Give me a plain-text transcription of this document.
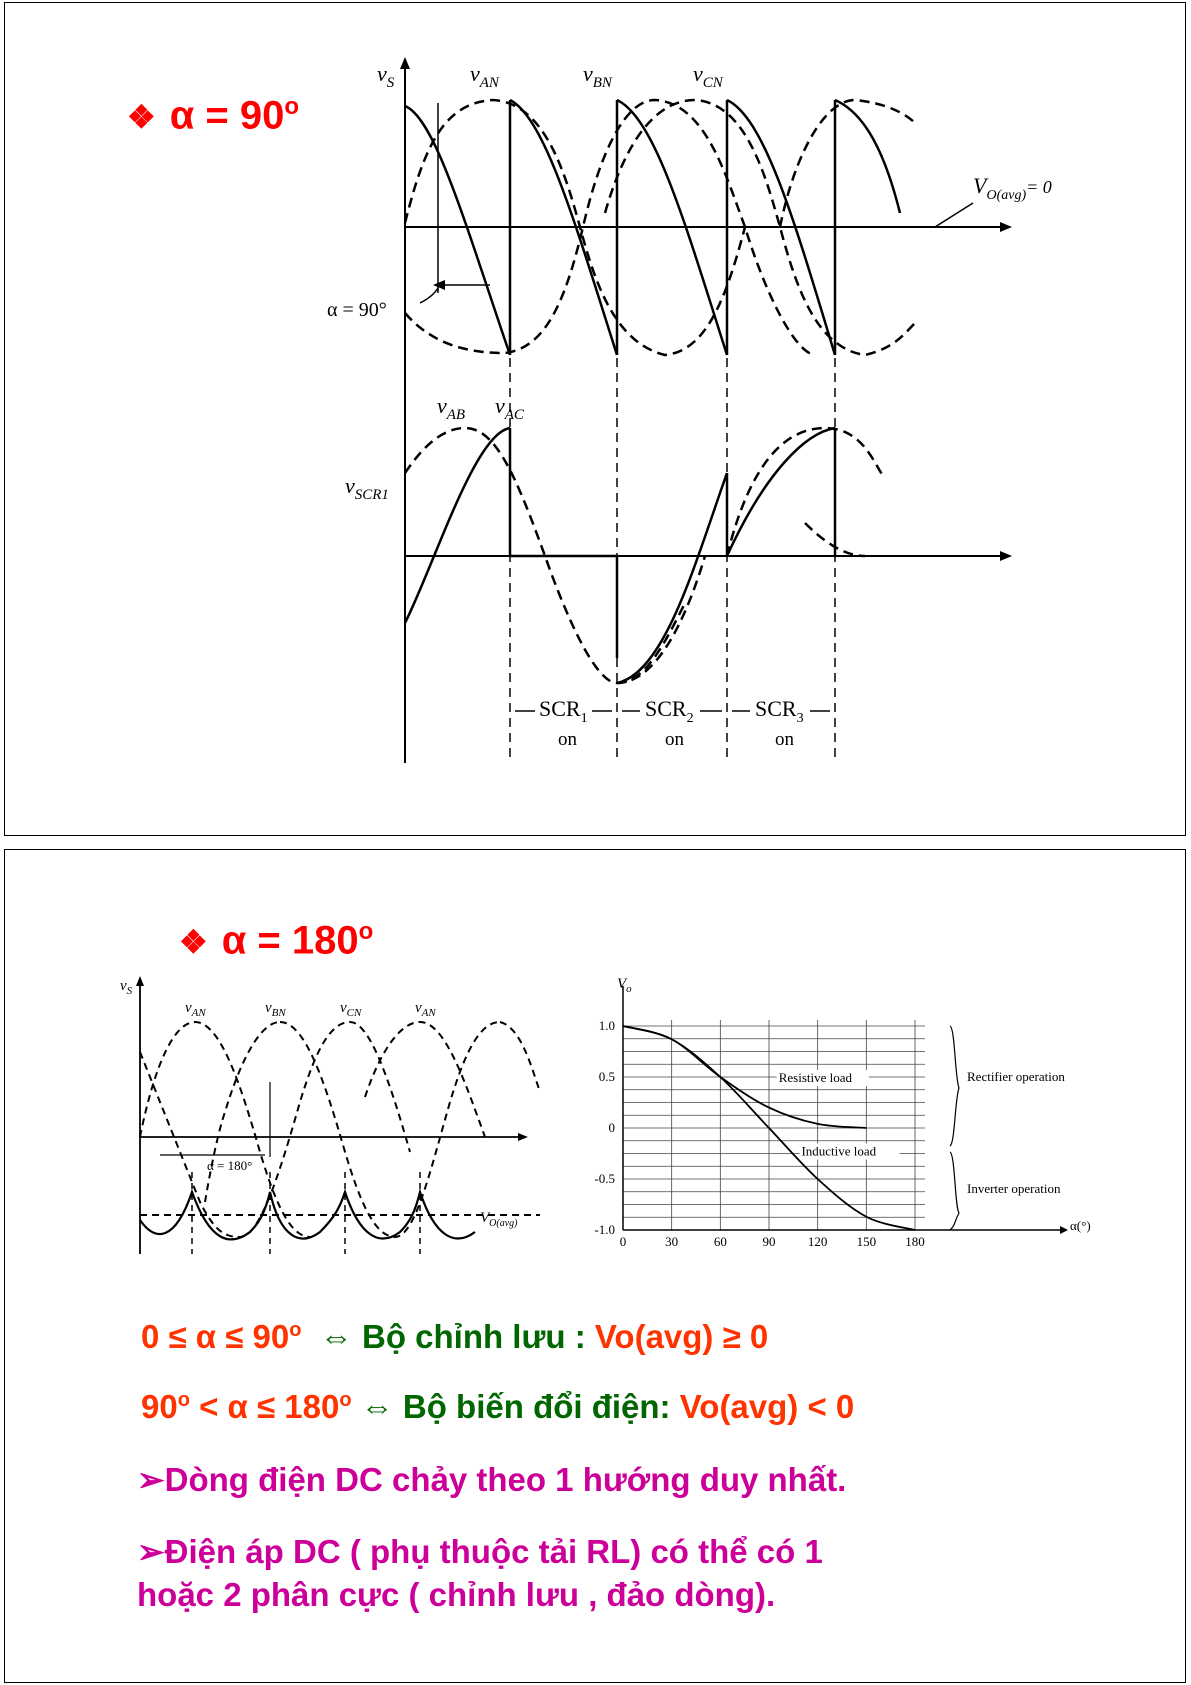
❖ $\alpha = 90^o$
$v_S$	$v_{AN}$	$v_{BN}$	$v_{CN}$
$V_{O(avg)}^{= 0}$
α = 90°
$v_{AB}$ $v_{AC}$
$v_{SCR1}$
$SCR_1$	$SCR_2$	$SCR_3$
on	on	on
❖ $\alpha = 180^o$
$v_S$
$v_{AN}$	$v_{BN}$	$v_{CN}$	$v_{AN}$
α = 180°
$V_{O(avg)}$
Resistive load
Inductive load
0	30	60	90 120 150 180
1.0
0.5
0
-0.5
-1.0
$V_o$
α(°)
Rectifier operation
Inverter operation
$0 \le \alpha \le 90^o$ ⇔ Bộ chỉnh lưu : Vo(avg) ≥ 0
$90^o < \alpha \le 180^o$ ⇔ Bộ biến đổi điện: Vo(avg) < 0
➢Dòng điện DC chảy theo 1 hướng duy nhất.
➢Điện áp DC ( phụ thuộc tải RL) có thể có 1
hoặc 2 phân cực ( chỉnh lưu , đảo dòng).
